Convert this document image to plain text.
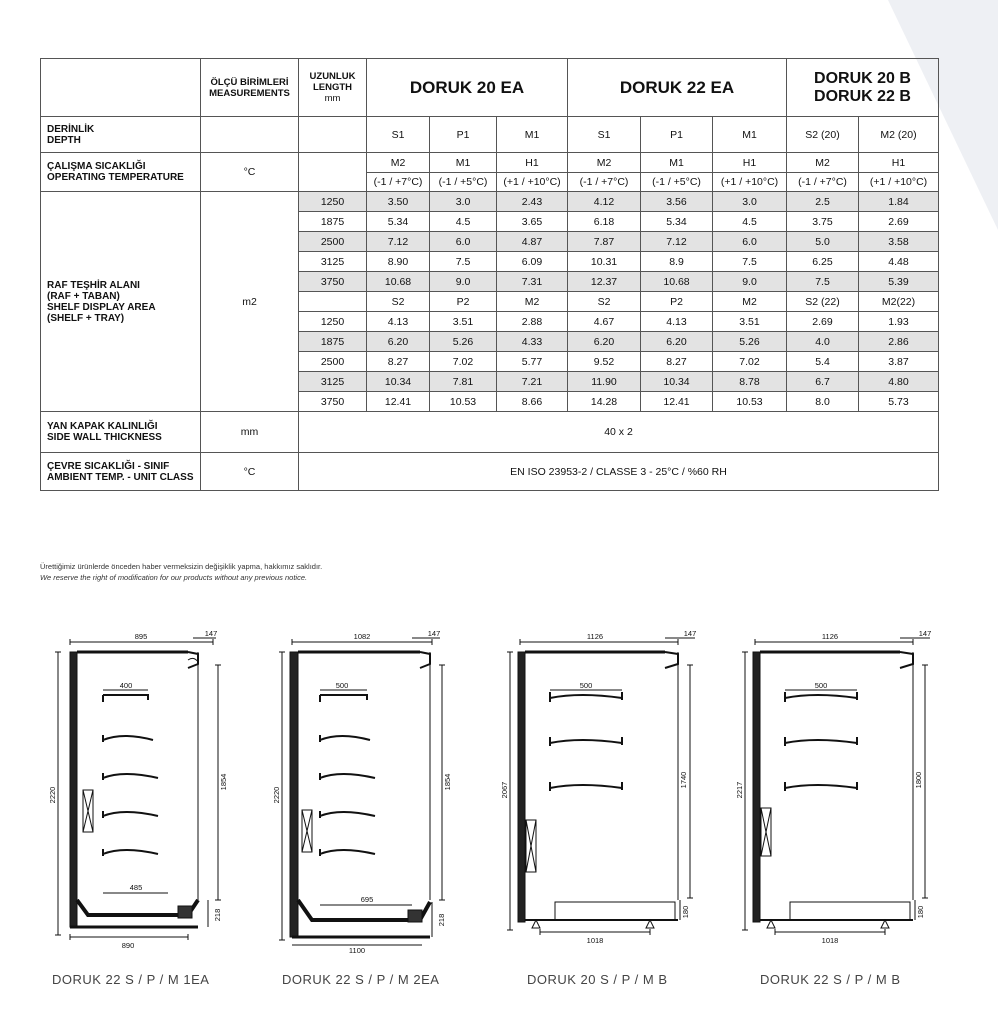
	ÖLÇÜ BİRİMLERİ
MEASUREMENTS	UZUNLUK
LENGTH
mm	DORUK 20 EA			DORUK 22 EA			DORUK 20 B
DORUK 22 B	
DERİNLİK
DEPTH			S1	P1	M1	S1	P1	M1	S2 (20)	M2 (20)
ÇALIŞMA SICAKLIĞI
OPERATING TEMPERATURE	°C		M2	M1	H1	M2	M1	H1	M2	H1
			(-1 / +7°C)	(-1 / +5°C)	(+1 / +10°C)	(-1 / +7°C)	(-1 / +5°C)	(+1 / +10°C)	(-1 / +7°C)	(+1 / +10°C)
RAF TEŞHİR ALANI
(RAF + TABAN)
SHELF DISPLAY AREA
(SHELF + TRAY)	m2	1250	3.50	3.0	2.43	4.12	3.56	3.0	2.5	1.84
		1875	5.34	4.5	3.65	6.18	5.34	4.5	3.75	2.69
		2500	7.12	6.0	4.87	7.87	7.12	6.0	5.0	3.58
		3125	8.90	7.5	6.09	10.31	8.9	7.5	6.25	4.48
		3750	10.68	9.0	7.31	12.37	10.68	9.0	7.5	5.39
			S2	P2	M2	S2	P2	M2	S2 (22)	M2(22)
		1250	4.13	3.51	2.88	4.67	4.13	3.51	2.69	1.93
		1875	6.20	5.26	4.33	6.20	6.20	5.26	4.0	2.86
		2500	8.27	7.02	5.77	9.52	8.27	7.02	5.4	3.87
		3125	10.34	7.81	7.21	11.90	10.34	8.78	6.7	4.80
		3750	12.41	10.53	8.66	14.28	12.41	10.53	8.0	5.73
YAN KAPAK KALINLIĞI
SIDE WALL THICKNESS	mm	40 x 2								
ÇEVRE SICAKLIĞI - SINIF
AMBIENT TEMP. - UNIT CLASS	°C	EN ISO 23953-2 / CLASSE 3 - 25°C / %60 RH								
Ürettiğimiz ürünlerde önceden haber vermeksizin değişiklik yapma, hakkımız saklıdır.
We reserve the right of modification for our products without any previous notice.
895	147
400
485
890
2220
1854
218
1082	147
500
695
1100
2220
1854
218
1126	147
500
1018
2067
1740
180
1126	147
500
1018
2217
1800
180
DORUK 22 S / P / M 1EA	DORUK 22 S / P / M 2EA	DORUK 20 S / P / M B	DORUK 22 S / P / M B
